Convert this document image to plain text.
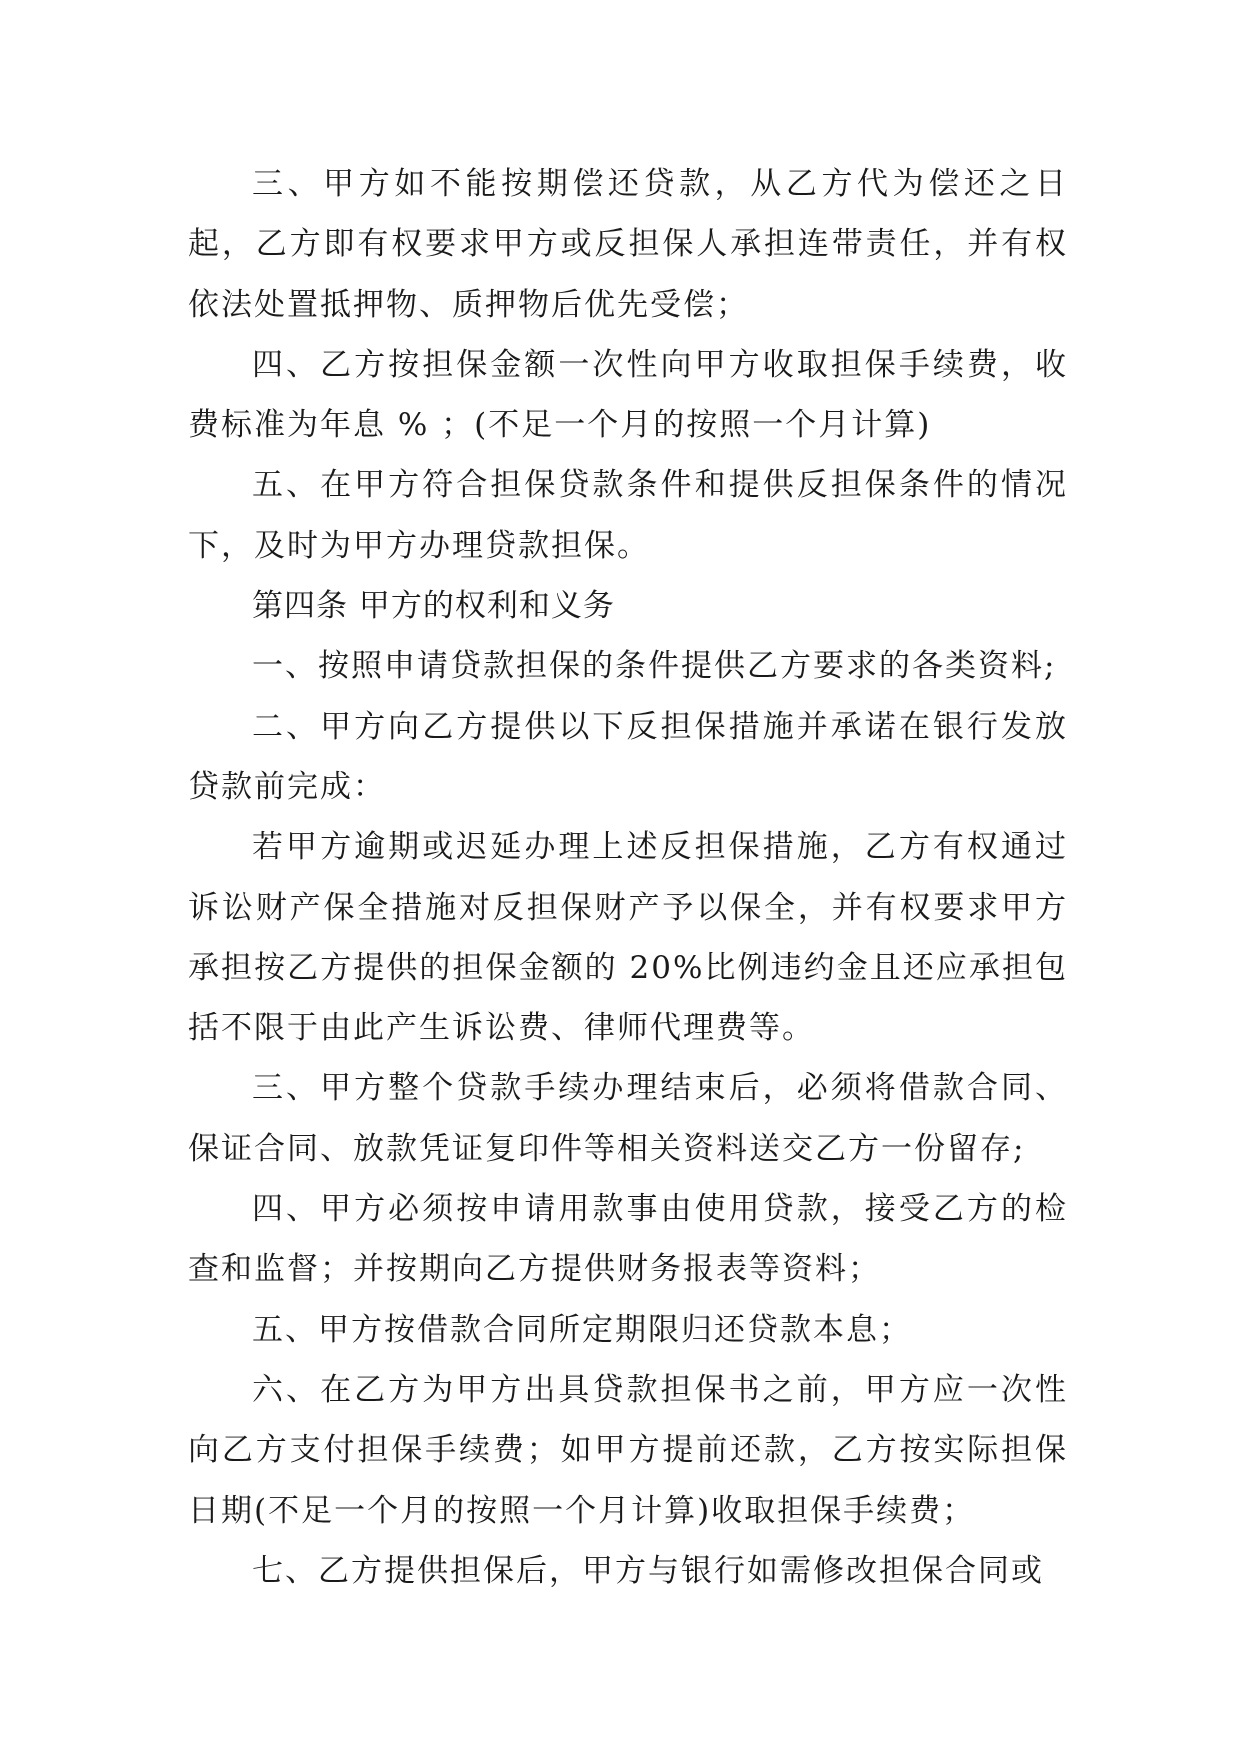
三、甲方如不能按期偿还贷款，从乙方代为偿还之日起，乙方即有权要求甲方或反担保人承担连带责任，并有权依法处置抵押物、质押物后优先受偿；

四、乙方按担保金额一次性向甲方收取担保手续费，收费标准为年息 % ；(不足一个月的按照一个月计算)

五、在甲方符合担保贷款条件和提供反担保条件的情况下，及时为甲方办理贷款担保。

第四条 甲方的权利和义务

一、按照申请贷款担保的条件提供乙方要求的各类资料;

二、甲方向乙方提供以下反担保措施并承诺在银行发放贷款前完成：

若甲方逾期或迟延办理上述反担保措施，乙方有权通过诉讼财产保全措施对反担保财产予以保全，并有权要求甲方承担按乙方提供的担保金额的 20%比例违约金且还应承担包括不限于由此产生诉讼费、律师代理费等。

三、甲方整个贷款手续办理结束后，必须将借款合同、保证合同、放款凭证复印件等相关资料送交乙方一份留存;

四、甲方必须按申请用款事由使用贷款，接受乙方的检查和监督；并按期向乙方提供财务报表等资料；

五、甲方按借款合同所定期限归还贷款本息；

六、在乙方为甲方出具贷款担保书之前，甲方应一次性向乙方支付担保手续费；如甲方提前还款，乙方按实际担保日期(不足一个月的按照一个月计算)收取担保手续费；

七、乙方提供担保后，甲方与银行如需修改担保合同或
